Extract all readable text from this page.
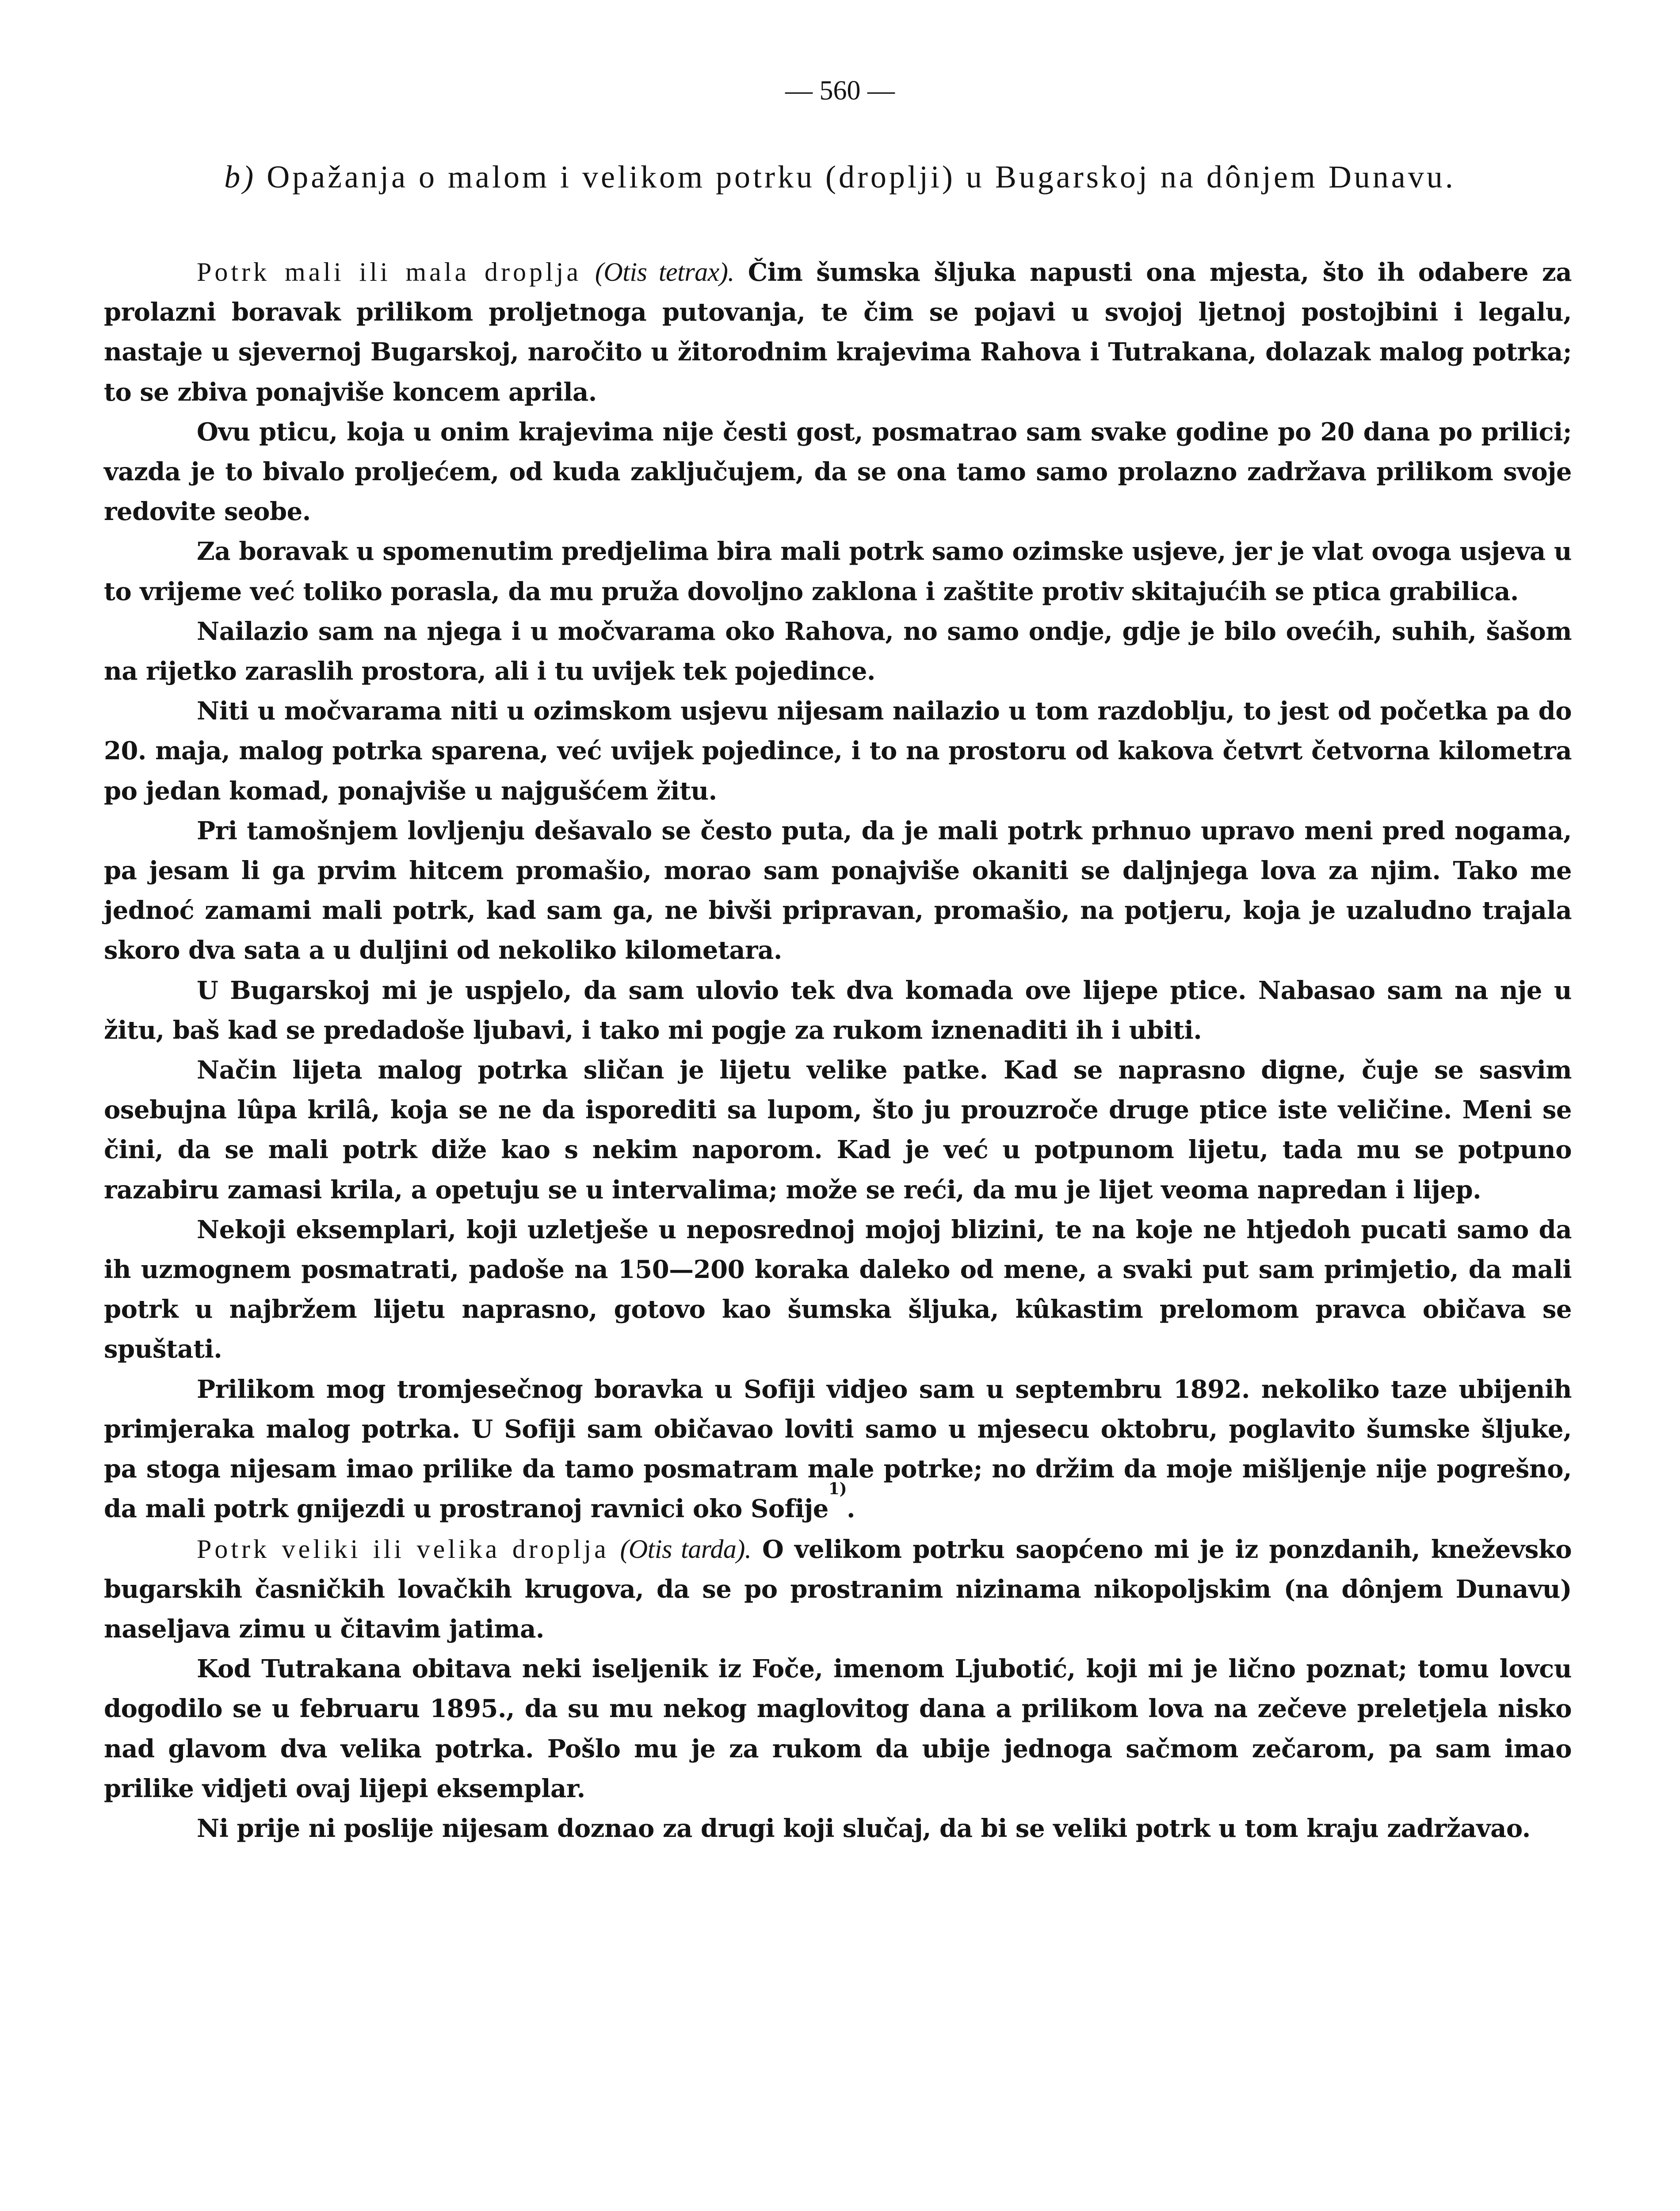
— 560 —
b) Opažanja o malom i velikom potrku (droplji) u Bugarskoj na dônjem Dunavu.

Potrk mali ili mala droplja (Otis tetrax). Čim šumska šljuka napusti ona mjesta, što ih odabere za prolazni boravak prilikom proljetnoga putovanja, te čim se pojavi u svojoj ljetnoj postojbini i legalu, nastaje u sjevernoj Bugarskoj, naročito u žitorodnim krajevima Rahova i Tutrakana, dolazak malog potrka; to se zbiva ponajviše koncem aprila.

Ovu pticu, koja u onim krajevima nije česti gost, posmatrao sam svake godine po 20 dana po prilici; vazda je to bivalo proljećem, od kuda zaključujem, da se ona tamo samo prolazno zadržava prilikom svoje redovite seobe.

Za boravak u spomenutim predjelima bira mali potrk samo ozimske usjeve, jer je vlat ovoga usjeva u to vrijeme već toliko porasla, da mu pruža dovoljno zaklona i zaštite protiv skitajućih se ptica grabilica.

Nailazio sam na njega i u močvarama oko Rahova, no samo ondje, gdje je bilo ovećih, suhih, šašom na rijetko zaraslih prostora, ali i tu uvijek tek pojedince.

Niti u močvarama niti u ozimskom usjevu nijesam nailazio u tom razdoblju, to jest od početka pa do 20. maja, malog potrka sparena, već uvijek pojedince, i to na prostoru od kakova četvrt četvorna kilometra po jedan komad, ponajviše u najgušćem žitu.

Pri tamošnjem lovljenju dešavalo se često puta, da je mali potrk prhnuo upravo meni pred nogama, pa jesam li ga prvim hitcem promašio, morao sam ponajviše okaniti se daljnjega lova za njim. Tako me jednoć zamami mali potrk, kad sam ga, ne bivši pripravan, promašio, na potjeru, koja je uzaludno trajala skoro dva sata a u duljini od nekoliko kilometara.

U Bugarskoj mi je uspjelo, da sam ulovio tek dva komada ove lijepe ptice. Nabasao sam na nje u žitu, baš kad se predadoše ljubavi, i tako mi pogje za rukom iznenaditi ih i ubiti.

Način lijeta malog potrka sličan je lijetu velike patke. Kad se naprasno digne, čuje se sasvim osebujna lûpa krilâ, koja se ne da isporediti sa lupom, što ju prouzroče druge ptice iste veličine. Meni se čini, da se mali potrk diže kao s nekim naporom. Kad je već u potpunom lijetu, tada mu se potpuno razabiru zamasi krila, a opetuju se u intervalima; može se reći, da mu je lijet veoma napredan i lijep.

Nekoji eksemplari, koji uzletješe u neposrednoj mojoj blizini, te na koje ne htjedoh pucati samo da ih uzmognem posmatrati, padoše na 150—200 koraka daleko od mene, a svaki put sam primjetio, da mali potrk u najbržem lijetu naprasno, gotovo kao šumska šljuka, kûkastim prelomom pravca običava se spuštati.

Prilikom mog tromjesečnog boravka u Sofiji vidjeo sam u septembru 1892. nekoliko taze ubijenih primjeraka malog potrka. U Sofiji sam običavao loviti samo u mjesecu oktobru, poglavito šumske šljuke, pa stoga nijesam imao prilike da tamo posmatram male potrke; no držim da moje mišljenje nije pogrešno, da mali potrk gnijezdi u prostranoj ravnici oko Sofije$^{1)}$.

Potrk veliki ili velika droplja (Otis tarda). O velikom potrku saopćeno mi je iz ponzdanih, kneževsko bugarskih časničkih lovačkih krugova, da se po prostranim nizinama nikopoljskim (na dônjem Dunavu) naseljava zimu u čitavim jatima.

Kod Tutrakana obitava neki iseljenik iz Foče, imenom Ljubotić, koji mi je lično poznat; tomu lovcu dogodilo se u februaru 1895., da su mu nekog maglovitog dana a prilikom lova na zečeve preletjela nisko nad glavom dva velika potrka. Pošlo mu je za rukom da ubije jednoga sačmom zečarom, pa sam imao prilike vidjeti ovaj lijepi eksemplar.

Ni prije ni poslije nijesam doznao za drugi koji slučaj, da bi se veliki potrk u tom kraju zadržavao.
